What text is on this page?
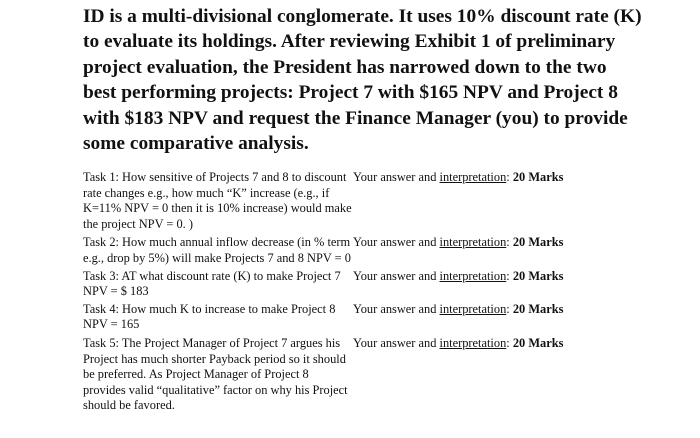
ID is a multi-divisional conglomerate. It uses 10% discount rate (K) to evaluate its holdings. After reviewing Exhibit 1 of preliminary project evaluation, the President has narrowed down to the two best performing projects: Project 7 with $165 NPV and Project 8 with $183 NPV and request the Finance Manager (you) to provide some comparative analysis.

Task 1: How sensitive of Projects 7 and 8 to discount rate changes e.g., how much “K” increase (e.g., if K=11% NPV = 0 then it is 10% increase) would make the project NPV = 0. )
Your answer and interpretation: 20 Marks
Task 2: How much annual inflow decrease (in % term e.g., drop by 5%) will make Projects 7 and 8 NPV = 0
Your answer and interpretation: 20 Marks
Task 3: AT what discount rate (K) to make Project 7 NPV = $ 183
Your answer and interpretation: 20 Marks
Task 4: How much K to increase to make Project 8 NPV = 165
Your answer and interpretation: 20 Marks
Task 5: The Project Manager of Project 7 argues his Project has much shorter Payback period so it should be preferred. As Project Manager of Project 8 provides valid “qualitative” factor on why his Project should be favored.
Your answer and interpretation: 20 Marks
